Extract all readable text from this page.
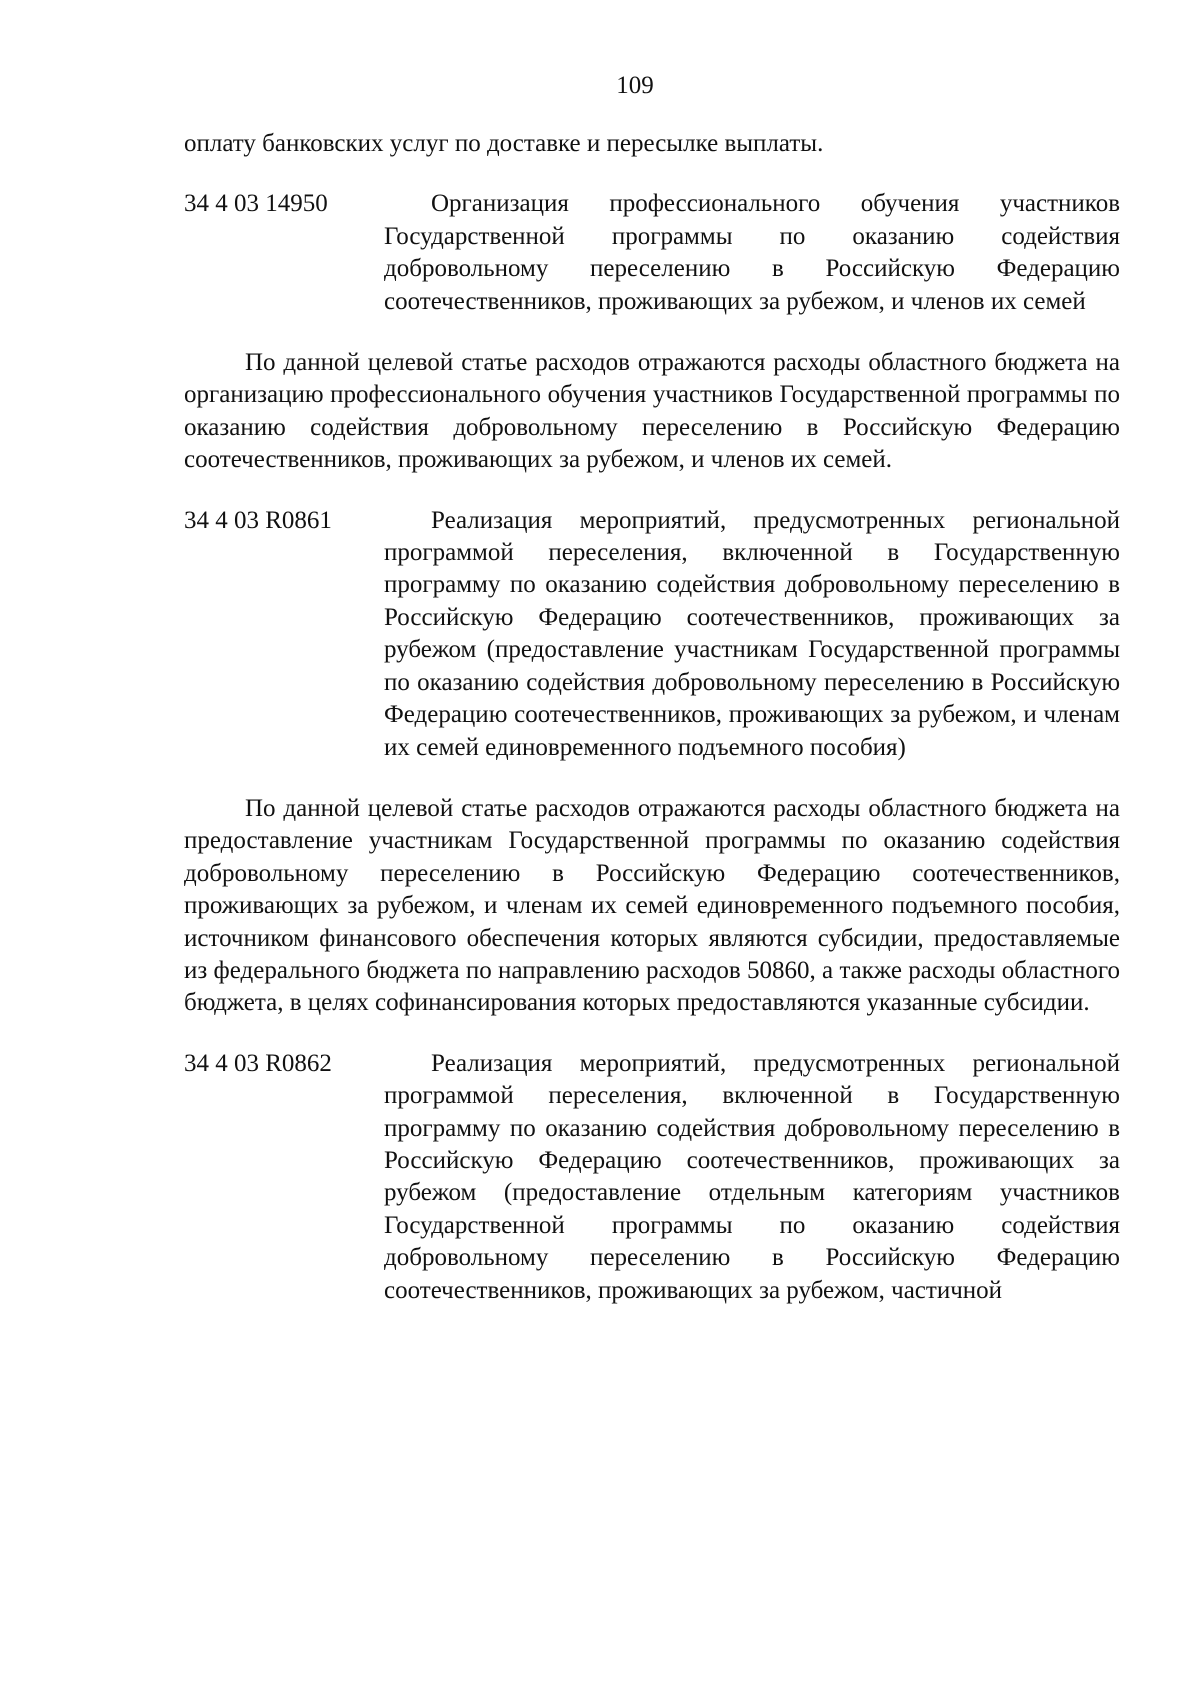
109

оплату банковских услуг по доставке и пересылке выплаты.

34 4 03 14950	Организация профессионального обучения участников Государственной программы по оказанию содействия добровольному переселению в Российскую Федерацию соотечественников, проживающих за рубежом, и членов их семей

По данной целевой статье расходов отражаются расходы областного бюджета на организацию профессионального обучения участников Государственной программы по оказанию содействия добровольному переселению в Российскую Федерацию соотечественников, проживающих за рубежом, и членов их семей.

34 4 03 R0861	Реализация мероприятий, предусмотренных региональной программой переселения, включенной в Государственную программу по оказанию содействия добровольному переселению в Российскую Федерацию соотечественников, проживающих за рубежом (предоставление участникам Государственной программы по оказанию содействия добровольному переселению в Российскую Федерацию соотечественников, проживающих за рубежом, и членам их семей единовременного подъемного пособия)

По данной целевой статье расходов отражаются расходы областного бюджета на предоставление участникам Государственной программы по оказанию содействия добровольному переселению в Российскую Федерацию соотечественников, проживающих за рубежом, и членам их семей единовременного подъемного пособия, источником финансового обеспечения которых являются субсидии, предоставляемые из федерального бюджета по направлению расходов 50860, а также расходы областного бюджета, в целях софинансирования которых предоставляются указанные субсидии.

34 4 03 R0862	Реализация мероприятий, предусмотренных региональной программой переселения, включенной в Государственную программу по оказанию содействия добровольному переселению в Российскую Федерацию соотечественников, проживающих за рубежом (предоставление отдельным категориям участников Государственной программы по оказанию содействия добровольному переселению в Российскую Федерацию соотечественников, проживающих за рубежом, частичной
